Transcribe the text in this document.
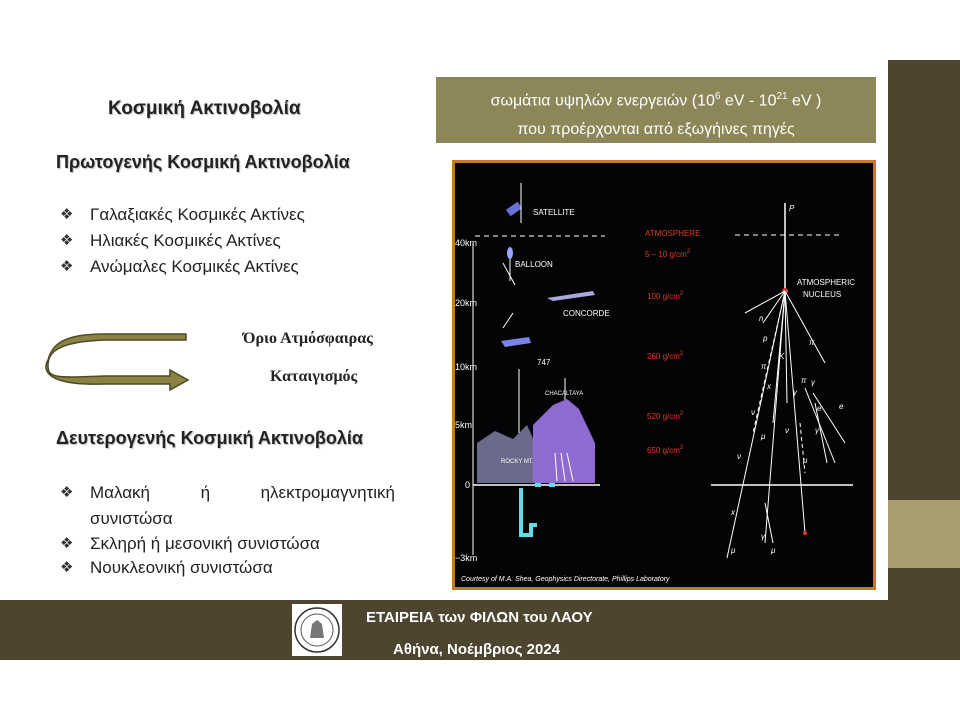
Κοσμική Ακτινοβολία
Πρωτογενής Κοσμική Ακτινοβολία
❖ Γαλαξιακές Κοσμικές Ακτίνες
❖ Ηλιακές Κοσμικές Ακτίνες
❖ Ανώμαλες Κοσμικές Ακτίνες
Όριο Ατμόσφαιρας
Καταιγισμός
Δευτερογενής Κοσμική Ακτινοβολία
❖ Μαλακή	ή	ηλεκτρομαγνητική
συνιστώσα
❖ Σκληρή ή μεσονική συνιστώσα
❖ Νουκλεονική συνιστώσα
σωμάτια υψηλών ενεργειών ($10^6$ eV - $10^{21}$ eV )
που προέρχονται από εξωγήινες πηγές
40km
20km
10km
5km
0
−3km
SATELLITE
BALLOON
CONCORDE
747
ROCKY MT.
CHACALTAYA
ATMOSPHERE
5 – 10 $g/cm^2$
100 $g/cm^2$
260 $g/cm^2$
520 $g/cm^2$
650 $g/cm^2$
P
ATMOSPHERIC
NUCLEUS
n
p	π
K
π
x
π γ
γ
e e
ν
μ
ν	γ
ν	μ
μ
x
μ
γ
Courtesy of M.A. Shea, Geophysics Directorate, Phillips Laboratory
ΕΤΑΙΡΕΙΑ των ΦΙΛΩΝ του ΛΑΟΥ
Αθήνα, Νοέμβριος 2024
